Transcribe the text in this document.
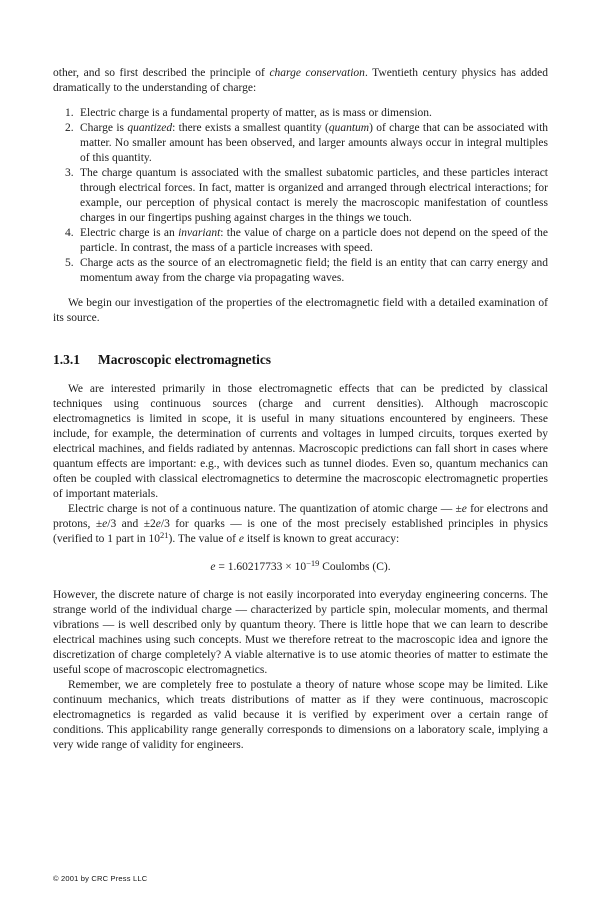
other, and so first described the principle of charge conservation. Twentieth century physics has added dramatically to the understanding of charge:

1. Electric charge is a fundamental property of matter, as is mass or dimension.
2. Charge is quantized: there exists a smallest quantity (quantum) of charge that can be associated with matter. No smaller amount has been observed, and larger amounts always occur in integral multiples of this quantity.
3. The charge quantum is associated with the smallest subatomic particles, and these particles interact through electrical forces. In fact, matter is organized and arranged through electrical interactions; for example, our perception of physical contact is merely the macroscopic manifestation of countless charges in our fingertips pushing against charges in the things we touch.
4. Electric charge is an invariant: the value of charge on a particle does not depend on the speed of the particle. In contrast, the mass of a particle increases with speed.
5. Charge acts as the source of an electromagnetic field; the field is an entity that can carry energy and momentum away from the charge via propagating waves.

We begin our investigation of the properties of the electromagnetic field with a detailed examination of its source.

1.3.1 Macroscopic electromagnetics

We are interested primarily in those electromagnetic effects that can be predicted by classical techniques using continuous sources (charge and current densities). Although macroscopic electromagnetics is limited in scope, it is useful in many situations encountered by engineers. These include, for example, the determination of currents and voltages in lumped circuits, torques exerted by electrical machines, and fields radiated by antennas. Macroscopic predictions can fall short in cases where quantum effects are important: e.g., with devices such as tunnel diodes. Even so, quantum mechanics can often be coupled with classical electromagnetics to determine the macroscopic electromagnetic properties of important materials.

Electric charge is not of a continuous nature. The quantization of atomic charge — ±e for electrons and protons, ±e/3 and ±2e/3 for quarks — is one of the most precisely established principles in physics (verified to 1 part in $10^{21}$). The value of e itself is known to great accuracy:

$e = 1.60217733 \times 10^{-19}$ Coulombs (C).

However, the discrete nature of charge is not easily incorporated into everyday engineering concerns. The strange world of the individual charge — characterized by particle spin, molecular moments, and thermal vibrations — is well described only by quantum theory. There is little hope that we can learn to describe electrical machines using such concepts. Must we therefore retreat to the macroscopic idea and ignore the discretization of charge completely? A viable alternative is to use atomic theories of matter to estimate the useful scope of macroscopic electromagnetics.

Remember, we are completely free to postulate a theory of nature whose scope may be limited. Like continuum mechanics, which treats distributions of matter as if they were continuous, macroscopic electromagnetics is regarded as valid because it is verified by experiment over a certain range of conditions. This applicability range generally corresponds to dimensions on a laboratory scale, implying a very wide range of validity for engineers.

© 2001 by CRC Press LLC
